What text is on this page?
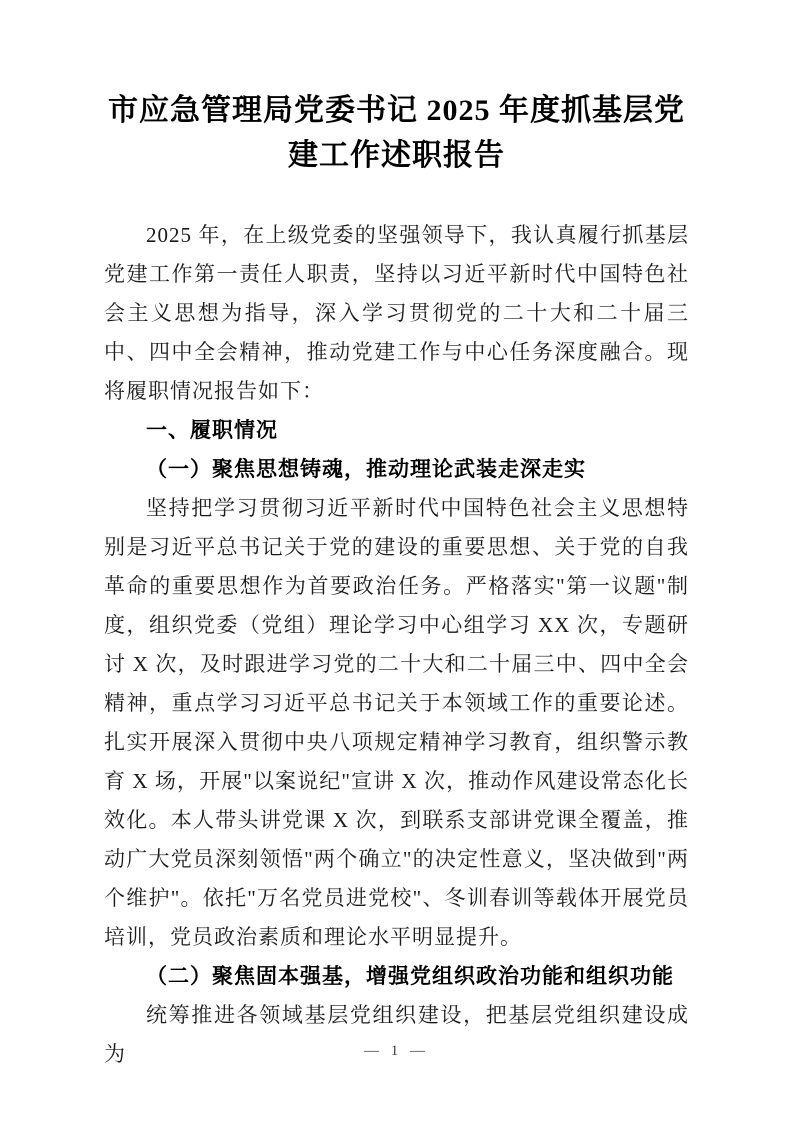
市应急管理局党委书记 2025 年度抓基层党建工作述职报告

2025 年，在上级党委的坚强领导下，我认真履行抓基层党建工作第一责任人职责，坚持以习近平新时代中国特色社会主义思想为指导，深入学习贯彻党的二十大和二十届三中、四中全会精神，推动党建工作与中心任务深度融合。现将履职情况报告如下：

一、履职情况

（一）聚焦思想铸魂，推动理论武装走深走实

坚持把学习贯彻习近平新时代中国特色社会主义思想特别是习近平总书记关于党的建设的重要思想、关于党的自我革命的重要思想作为首要政治任务。严格落实"第一议题"制度，组织党委（党组）理论学习中心组学习 XX 次，专题研讨 X 次，及时跟进学习党的二十大和二十届三中、四中全会精神，重点学习习近平总书记关于本领域工作的重要论述。扎实开展深入贯彻中央八项规定精神学习教育，组织警示教育 X 场，开展"以案说纪"宣讲 X 次，推动作风建设常态化长效化。本人带头讲党课 X 次，到联系支部讲党课全覆盖，推动广大党员深刻领悟"两个确立"的决定性意义，坚决做到"两个维护"。依托"万名党员进党校"、冬训春训等载体开展党员培训，党员政治素质和理论水平明显提升。

（二）聚焦固本强基，增强党组织政治功能和组织功能

统筹推进各领域基层党组织建设，把基层党组织建设成为	— 1 —
